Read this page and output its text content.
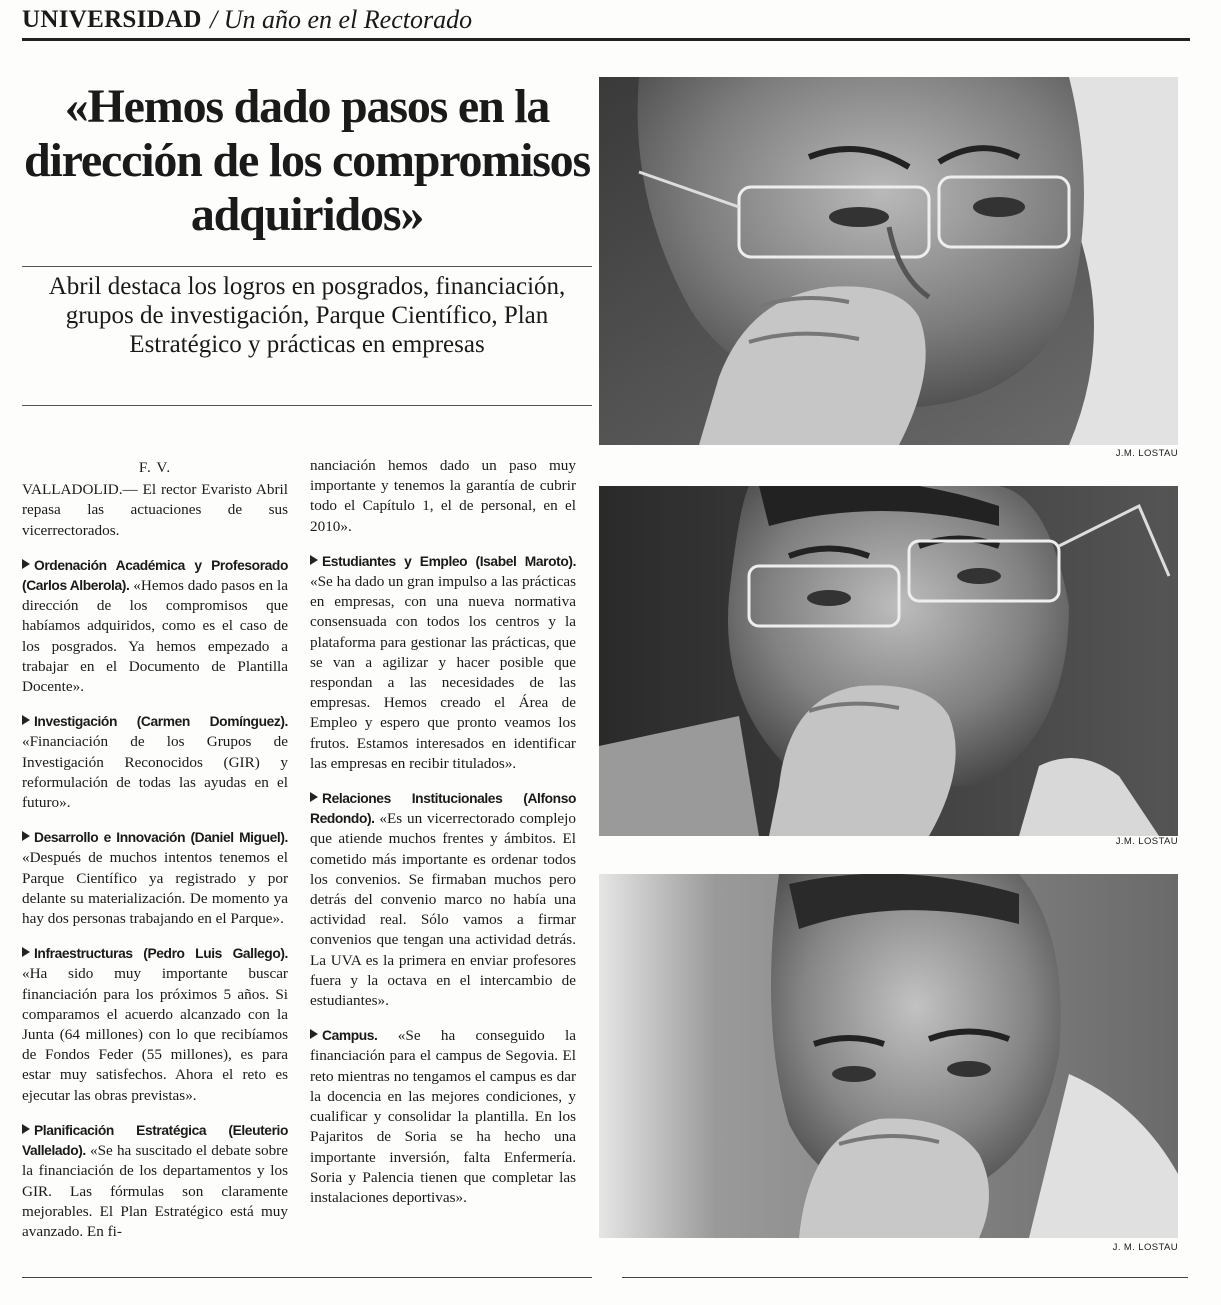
UNIVERSIDAD / Un año en el Rectorado
«Hemos dado pasos en la dirección de los compromisos adquiridos»
Abril destaca los logros en posgrados, financiación, grupos de investigación, Parque Científico, Plan Estratégico y prácticas en empresas
F. V.

VALLADOLID.— El rector Evaristo Abril repasa las actuaciones de sus vicerrectorados.

Ordenación Académica y Profesorado (Carlos Alberola). «Hemos dado pasos en la dirección de los compromisos que habíamos adquiridos, como es el caso de los posgrados. Ya hemos empezado a trabajar en el Documento de Plantilla Docente».

Investigación (Carmen Domínguez). «Financiación de los Grupos de Investigación Reconocidos (GIR) y reformulación de todas las ayudas en el futuro».

Desarrollo e Innovación (Daniel Miguel). «Después de muchos intentos tenemos el Parque Científico ya registrado y por delante su materialización. De momento ya hay dos personas trabajando en el Parque».

Infraestructuras (Pedro Luis Gallego). «Ha sido muy importante buscar financiación para los próximos 5 años. Si comparamos el acuerdo alcanzado con la Junta (64 millones) con lo que recibíamos de Fondos Feder (55 millones), es para estar muy satisfechos. Ahora el reto es ejecutar las obras previstas».

Planificación Estratégica (Eleuterio Vallelado). «Se ha suscitado el debate sobre la financiación de los departamentos y los GIR. Las fórmulas son claramente mejorables. El Plan Estratégico está muy avanzado. En fi-

nanciación hemos dado un paso muy importante y tenemos la garantía de cubrir todo el Capítulo 1, el de personal, en el 2010».

Estudiantes y Empleo (Isabel Maroto). «Se ha dado un gran impulso a las prácticas en empresas, con una nueva normativa consensuada con todos los centros y la plataforma para gestionar las prácticas, que se van a agilizar y hacer posible que respondan a las necesidades de las empresas. Hemos creado el Área de Empleo y espero que pronto veamos los frutos. Estamos interesados en identificar las empresas en recibir titulados».

Relaciones Institucionales (Alfonso Redondo). «Es un vicerrectorado complejo que atiende muchos frentes y ámbitos. El cometido más importante es ordenar todos los convenios. Se firmaban muchos pero detrás del convenio marco no había una actividad real. Sólo vamos a firmar convenios que tengan una actividad detrás. La UVA es la primera en enviar profesores fuera y la octava en el intercambio de estudiantes».

Campus. «Se ha conseguido la financiación para el campus de Segovia. El reto mientras no tengamos el campus es dar la docencia en las mejores condiciones, y cualificar y consolidar la plantilla. En los Pajaritos de Soria se ha hecho una importante inversión, falta Enfermería. Soria y Palencia tienen que completar las instalaciones deportivas».

J.M. LOSTAU
J.M. LOSTAU
J. M. LOSTAU
